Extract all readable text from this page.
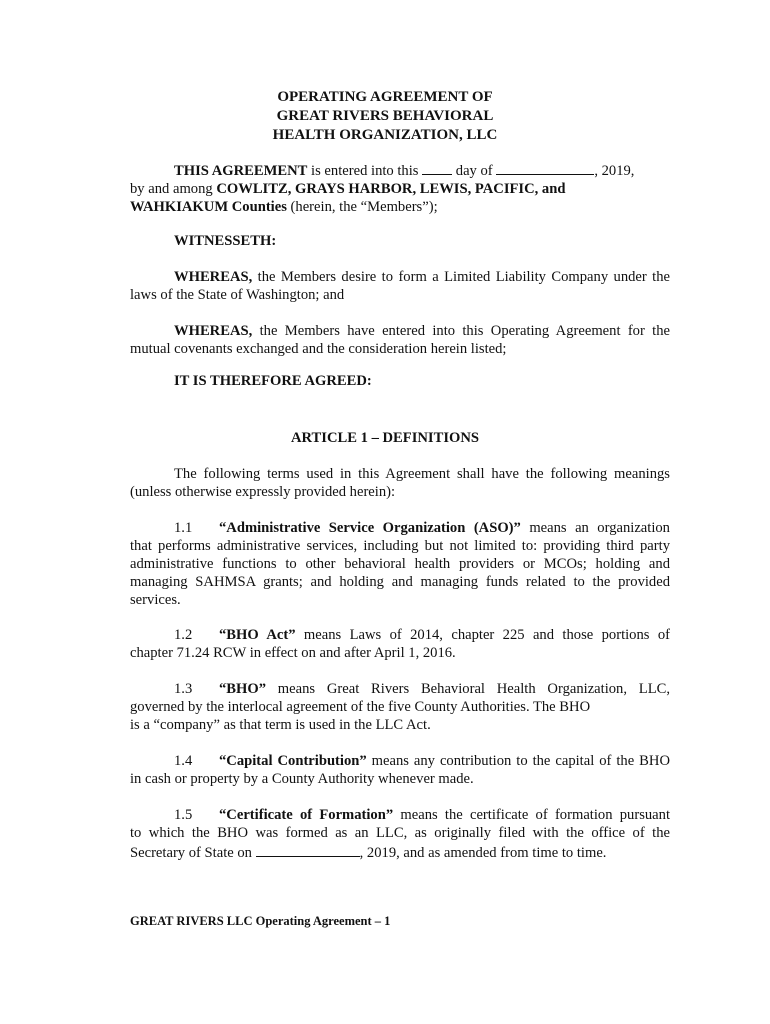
OPERATING AGREEMENT OF
GREAT RIVERS BEHAVIORAL
HEALTH ORGANIZATION, LLC
THIS AGREEMENT is entered into this  day of	, 2019,
by and among COWLITZ, GRAYS HARBOR, LEWIS, PACIFIC, and
WAHKIAKUM Counties (herein, the “Members”);
WITNESSETH:
WHEREAS, the Members desire to form a Limited Liability Company under the
laws of the State of Washington; and
WHEREAS, the Members have entered into this Operating Agreement for the
mutual covenants exchanged and the consideration herein listed;
IT IS THEREFORE AGREED:
ARTICLE 1 – DEFINITIONS
The following terms used in this Agreement shall have the following meanings
(unless otherwise expressly provided herein):
1.1 “Administrative Service Organization (ASO)” means an organization
that performs administrative services, including but not limited to: providing third party
administrative functions to other behavioral health providers or MCOs; holding and
managing SAHMSA grants; and holding and managing funds related to the provided
services.
1.2 “BHO Act” means Laws of 2014, chapter 225 and those portions of
chapter 71.24 RCW in effect on and after April 1, 2016.
1.3 “BHO” means Great Rivers Behavioral Health Organization, LLC,
governed by the interlocal agreement of the five County Authorities. The BHO
is a “company” as that term is used in the LLC Act.
1.4 “Capital Contribution” means any contribution to the capital of the BHO
in cash or property by a County Authority whenever made.
1.5 “Certificate of Formation” means the certificate of formation pursuant
to which the BHO was formed as an LLC, as originally filed with the office of the
Secretary of State on	, 2019, and as amended from time to time.
GREAT RIVERS LLC Operating Agreement – 1
